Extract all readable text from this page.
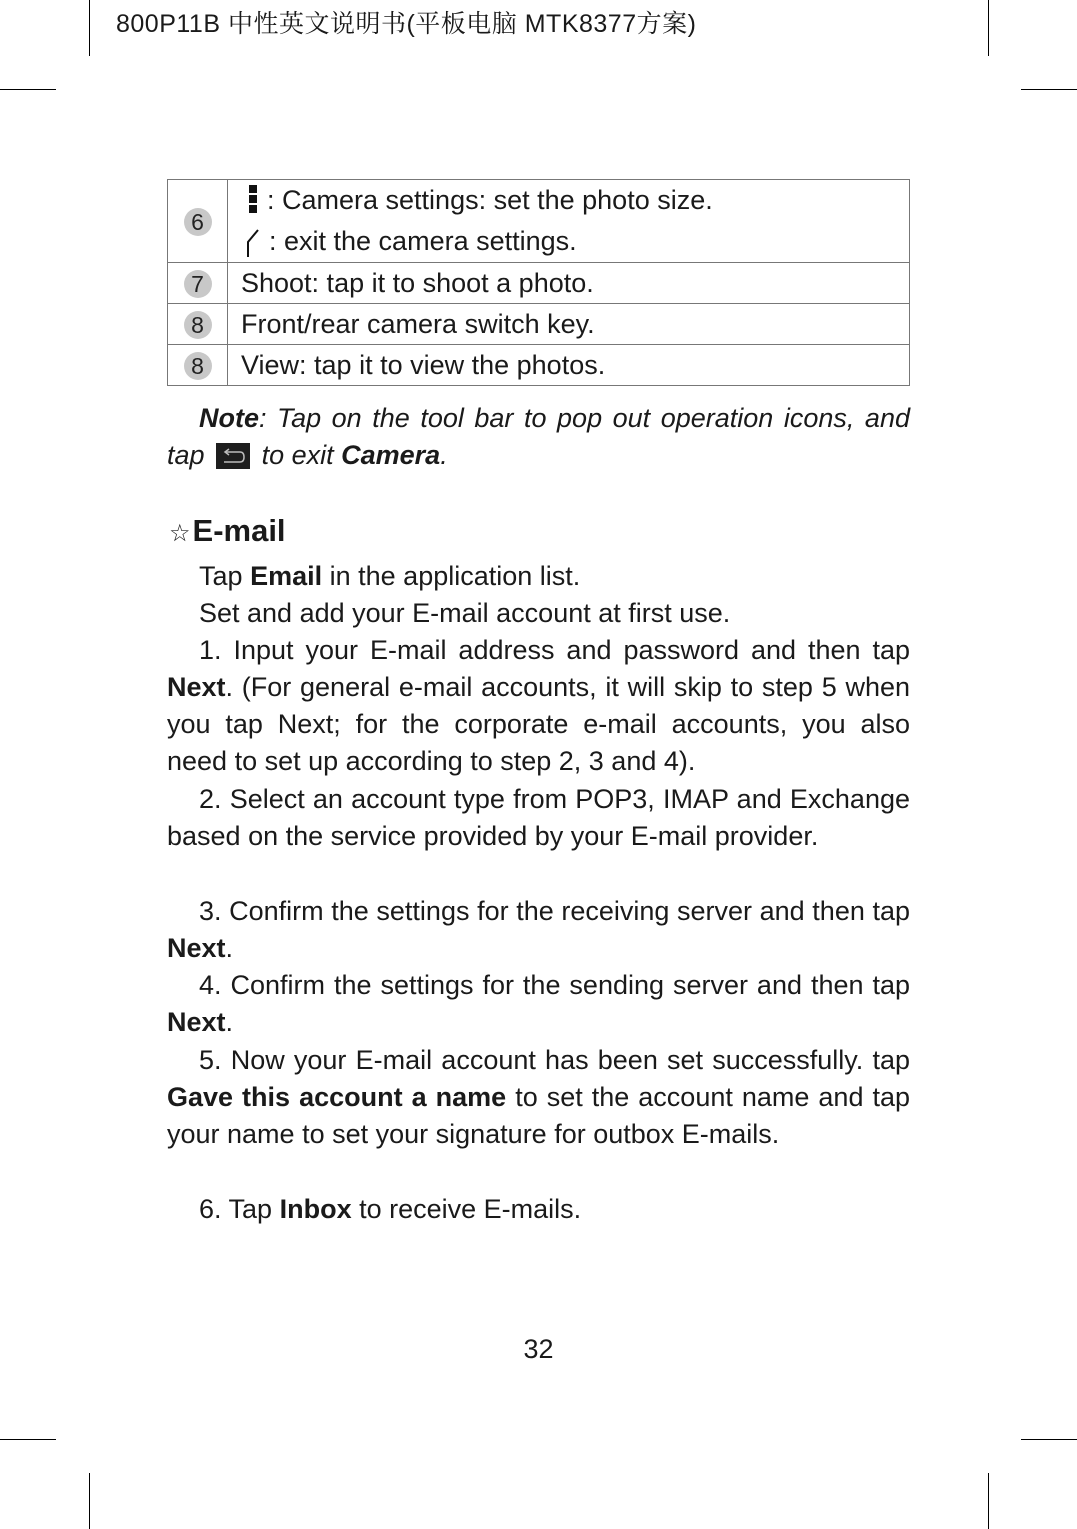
800P11B 中性英文说明书(平板电脑 MTK8377方案)
6	: Camera settings: set the photo size.
: exit the camera settings.

7	Shoot: tap it to shoot a photo.
8	Front/rear camera switch key.
8	View: tap it to view the photos.
Note: Tap on the tool bar to pop out operation icons, and tap to exit Camera.
☆E-mail
Tap Email in the application list.
Set and add your E-mail account at first use.
1. Input your E-mail address and password and then tap Next. (For general e-mail accounts, it will skip to step 5 when you tap Next; for the corporate e-mail accounts, you also need to set up according to step 2, 3 and 4).
2. Select an account type from POP3, IMAP and Exchange based on the service provided by your E-mail provider.
3. Confirm the settings for the receiving server and then tap Next.
4. Confirm the settings for the sending server and then tap Next.
5. Now your E-mail account has been set successfully. tap Gave this account a name to set the account name and tap your name to set your signature for outbox E-mails.
6. Tap Inbox to receive E-mails.
32
